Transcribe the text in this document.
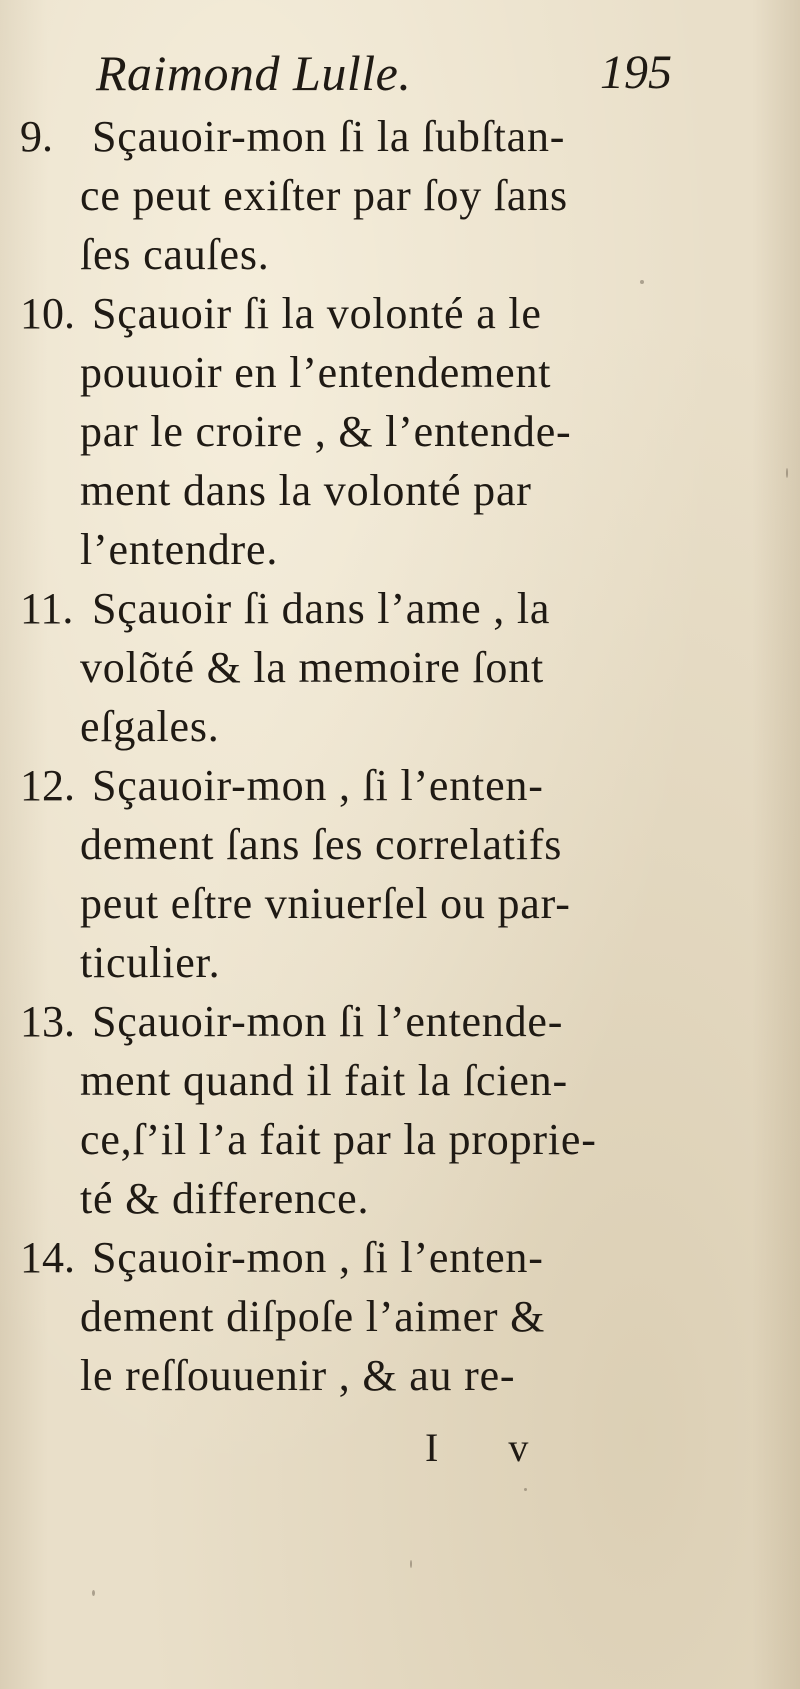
Raimond Lulle.	195

9. Sçauoir-mon ſi la ſubſtan-
ce peut exiſter par ſoy ſans
ſes cauſes.

10. Sçauoir ſi la volonté a le
pouuoir en l’entendement
par le croire , & l’entende-
ment dans la volonté par
l’entendre.

11. Sçauoir ſi dans l’ame , la
volõté & la memoire ſont
eſgales.

12. Sçauoir-mon , ſi l’enten-
dement ſans ſes correlatifs
peut eſtre vniuerſel ou par-
ticulier.

13. Sçauoir-mon ſi l’entende-
ment quand il fait la ſcien-
ce,ſ’il l’a fait par la proprie-
té & difference.

14. Sçauoir-mon , ſi l’enten-
dement diſpoſe l’aimer &
le reſſouuenir , & au re-

I v
